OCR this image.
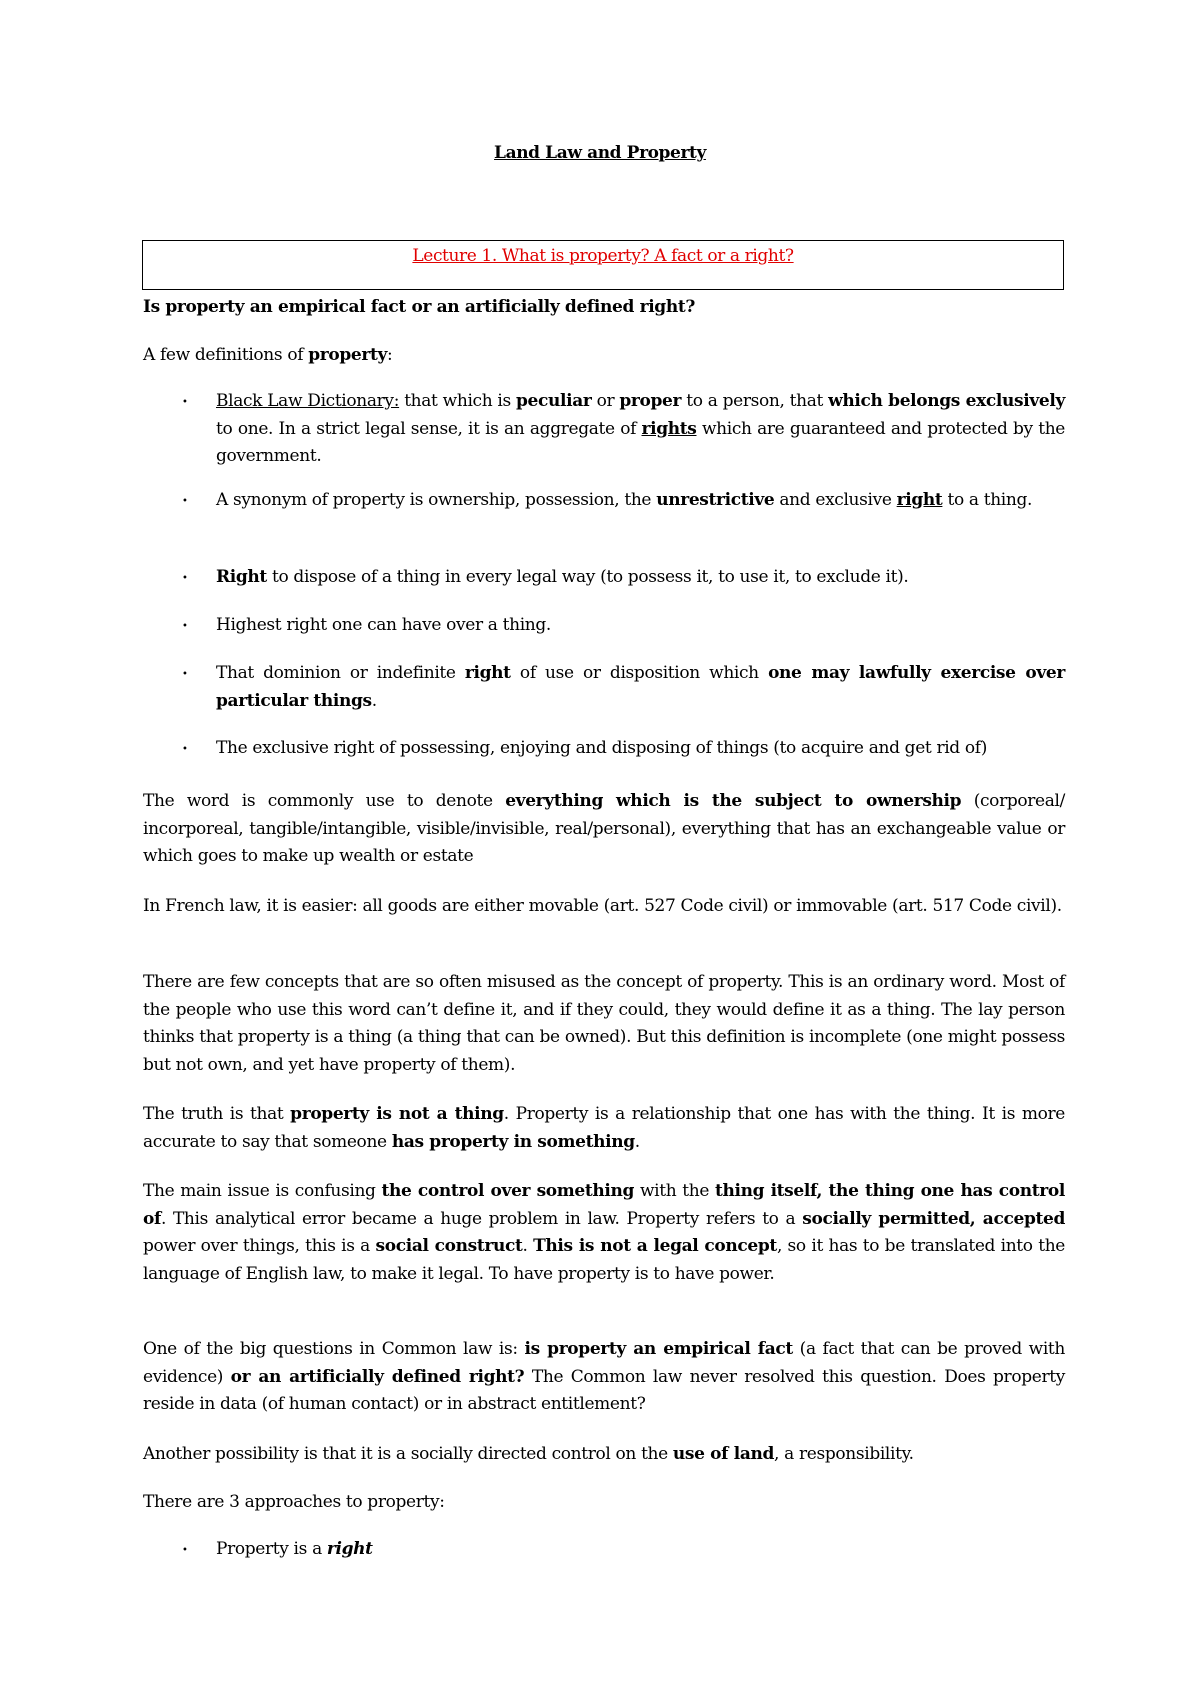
Land Law and Property
Lecture 1. What is property? A fact or a right?

Is property an empirical fact or an artificially defined right?

A few definitions of property:

• Black Law Dictionary: that which is peculiar or proper to a person, that which belongs exclusively to one. In a strict legal sense, it is an aggregate of rights which are guaranteed and protected by the government.

• A synonym of property is ownership, possession, the unrestrictive and exclusive right to a thing.

• Right to dispose of a thing in every legal way (to possess it, to use it, to exclude it).

• Highest right one can have over a thing.

• That dominion or indefinite right of use or disposition which one may lawfully exercise over particular things.

• The exclusive right of possessing, enjoying and disposing of things (to acquire and get rid of)

The word is commonly use to denote everything which is the subject to ownership (corporeal/ incorporeal, tangible/intangible, visible/invisible, real/personal), everything that has an exchangeable value or which goes to make up wealth or estate

In French law, it is easier: all goods are either movable (art. 527 Code civil) or immovable (art. 517 Code civil).

There are few concepts that are so often misused as the concept of property. This is an ordinary word. Most of the people who use this word can’t define it, and if they could, they would define it as a thing. The lay person thinks that property is a thing (a thing that can be owned). But this definition is incomplete (one might possess but not own, and yet have property of them).

The truth is that property is not a thing. Property is a relationship that one has with the thing. It is more accurate to say that someone has property in something.

The main issue is confusing the control over something with the thing itself, the thing one has control of. This analytical error became a huge problem in law. Property refers to a socially permitted, accepted power over things, this is a social construct. This is not a legal concept, so it has to be translated into the language of English law, to make it legal. To have property is to have power.

One of the big questions in Common law is: is property an empirical fact (a fact that can be proved with evidence) or an artificially defined right? The Common law never resolved this question. Does property reside in data (of human contact) or in abstract entitlement?

Another possibility is that it is a socially directed control on the use of land, a responsibility.

There are 3 approaches to property:

• Property is a right
